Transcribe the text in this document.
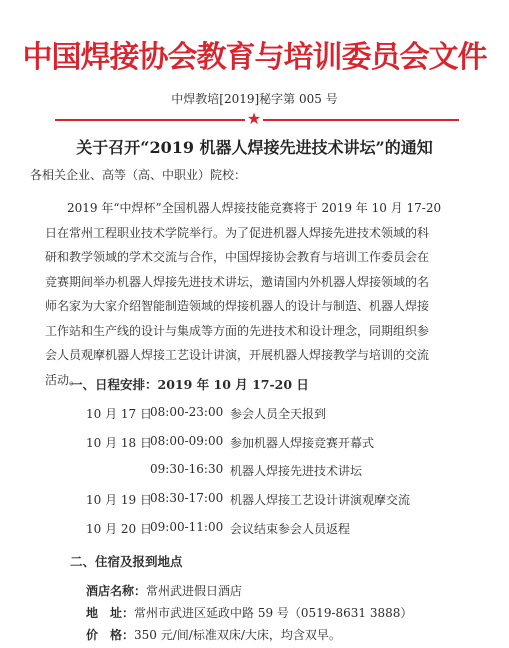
中国焊接协会教育与培训委员会文件
中焊教培[2019]秘字第 005 号
★
关于召开“2019 机器人焊接先进技术讲坛”的通知
各相关企业、高等（高、中职业）院校：
2019 年“中焊杯”全国机器人焊接技能竞赛将于 2019 年 10 月 17-20
日在常州工程职业技术学院举行。为了促进机器人焊接先进技术领域的科
研和教学领域的学术交流与合作，中国焊接协会教育与培训工作委员会在
竞赛期间举办机器人焊接先进技术讲坛，邀请国内外机器人焊接领域的名
师名家为大家介绍智能制造领域的焊接机器人的设计与制造、机器人焊接
工作站和生产线的设计与集成等方面的先进技术和设计理念，同期组织参
会人员观摩机器人焊接工艺设计讲演，开展机器人焊接教学与培训的交流
活动。
一、日程安排：2019 年 10 月 17-20 日
10 月 17 日
08:00-23:00 参会人员全天报到
10 月 18 日
08:00-09:00 参加机器人焊接竞赛开幕式
09:30-16:30 机器人焊接先进技术讲坛
10 月 19 日
08:30-17:00 机器人焊接工艺设计讲演观摩交流
10 月 20 日
09:00-11:00 会议结束参会人员返程
二、住宿及报到地点
酒店名称：常州武进假日酒店
地　址：常州市武进区延政中路 59 号（0519-8631 3888）
价　格：350 元/间/标准双床/大床，均含双早。
